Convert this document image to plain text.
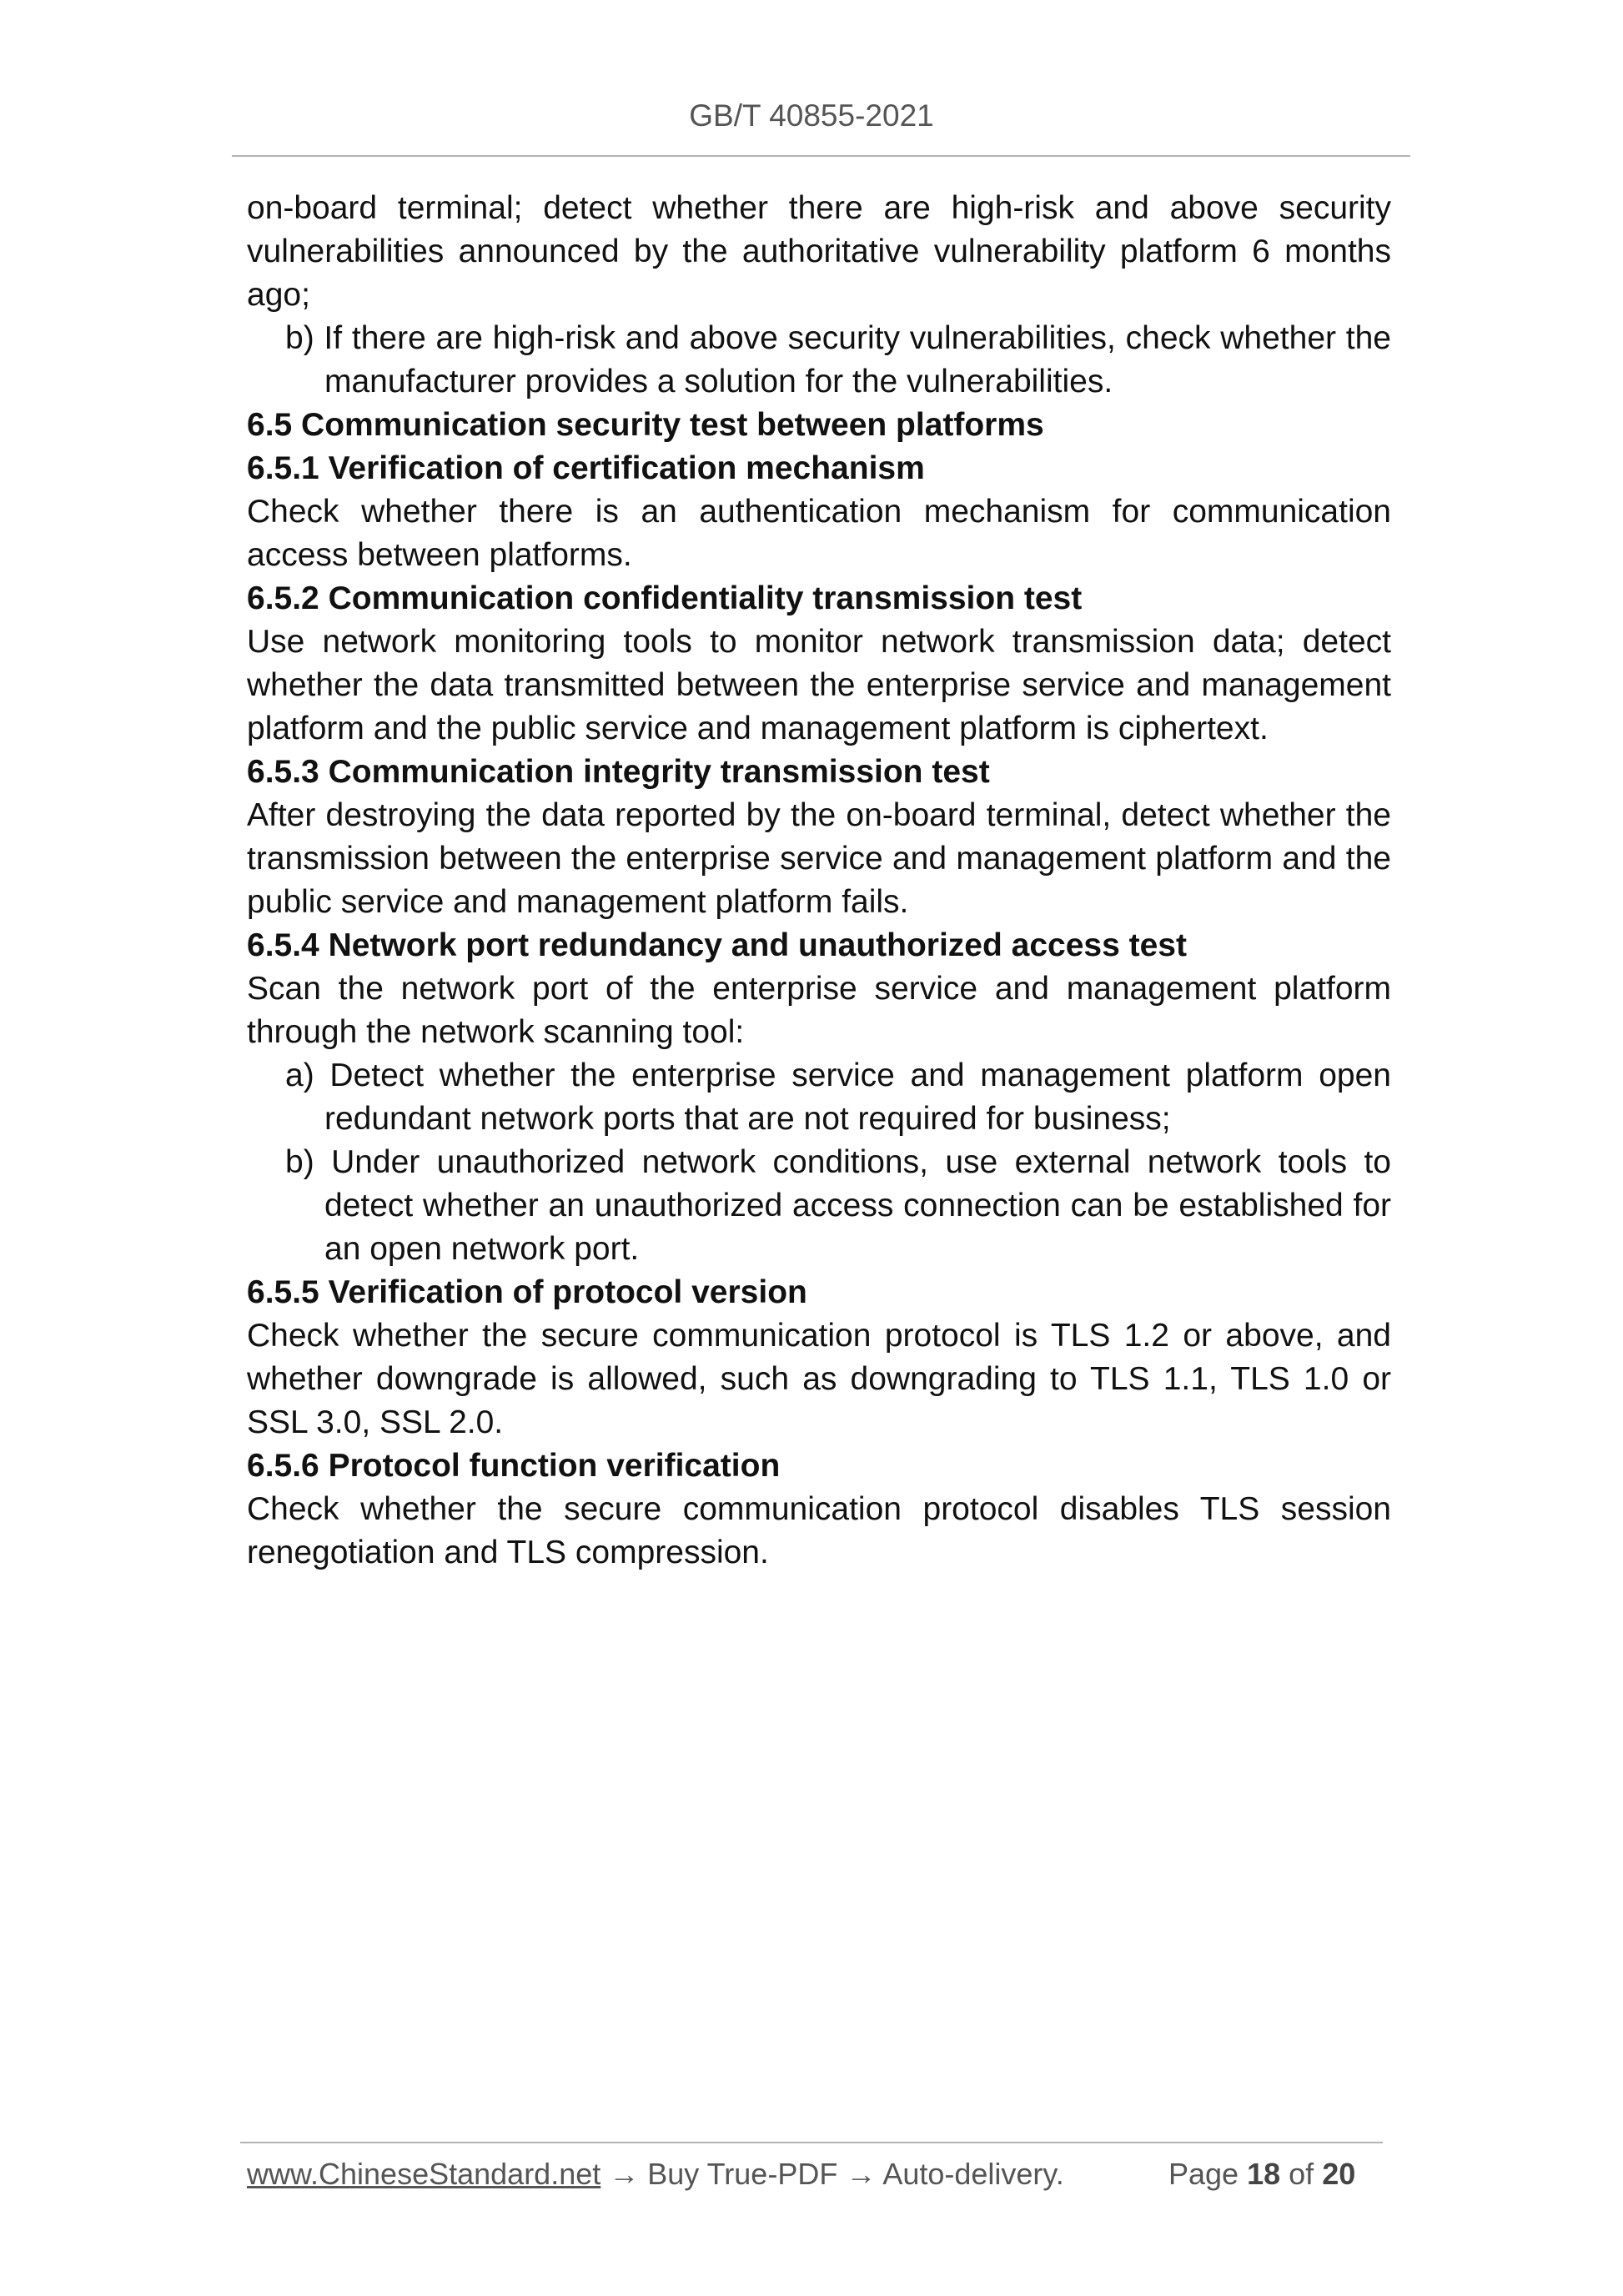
GB/T 40855-2021

on-board terminal; detect whether there are high-risk and above security vulnerabilities announced by the authoritative vulnerability platform 6 months ago;

b) If there are high-risk and above security vulnerabilities, check whether the manufacturer provides a solution for the vulnerabilities.

6.5 Communication security test between platforms

6.5.1 Verification of certification mechanism

Check whether there is an authentication mechanism for communication access between platforms.

6.5.2 Communication confidentiality transmission test

Use network monitoring tools to monitor network transmission data; detect whether the data transmitted between the enterprise service and management platform and the public service and management platform is ciphertext.

6.5.3 Communication integrity transmission test

After destroying the data reported by the on-board terminal, detect whether the transmission between the enterprise service and management platform and the public service and management platform fails.

6.5.4 Network port redundancy and unauthorized access test

Scan the network port of the enterprise service and management platform through the network scanning tool:

a) Detect whether the enterprise service and management platform open redundant network ports that are not required for business;

b) Under unauthorized network conditions, use external network tools to detect whether an unauthorized access connection can be established for an open network port.

6.5.5 Verification of protocol version

Check whether the secure communication protocol is TLS 1.2 or above, and whether downgrade is allowed, such as downgrading to TLS 1.1, TLS 1.0 or SSL 3.0, SSL 2.0.

6.5.6 Protocol function verification

Check whether the secure communication protocol disables TLS session renegotiation and TLS compression.

www.ChineseStandard.net → Buy True-PDF → Auto-delivery.	Page 18 of 20
